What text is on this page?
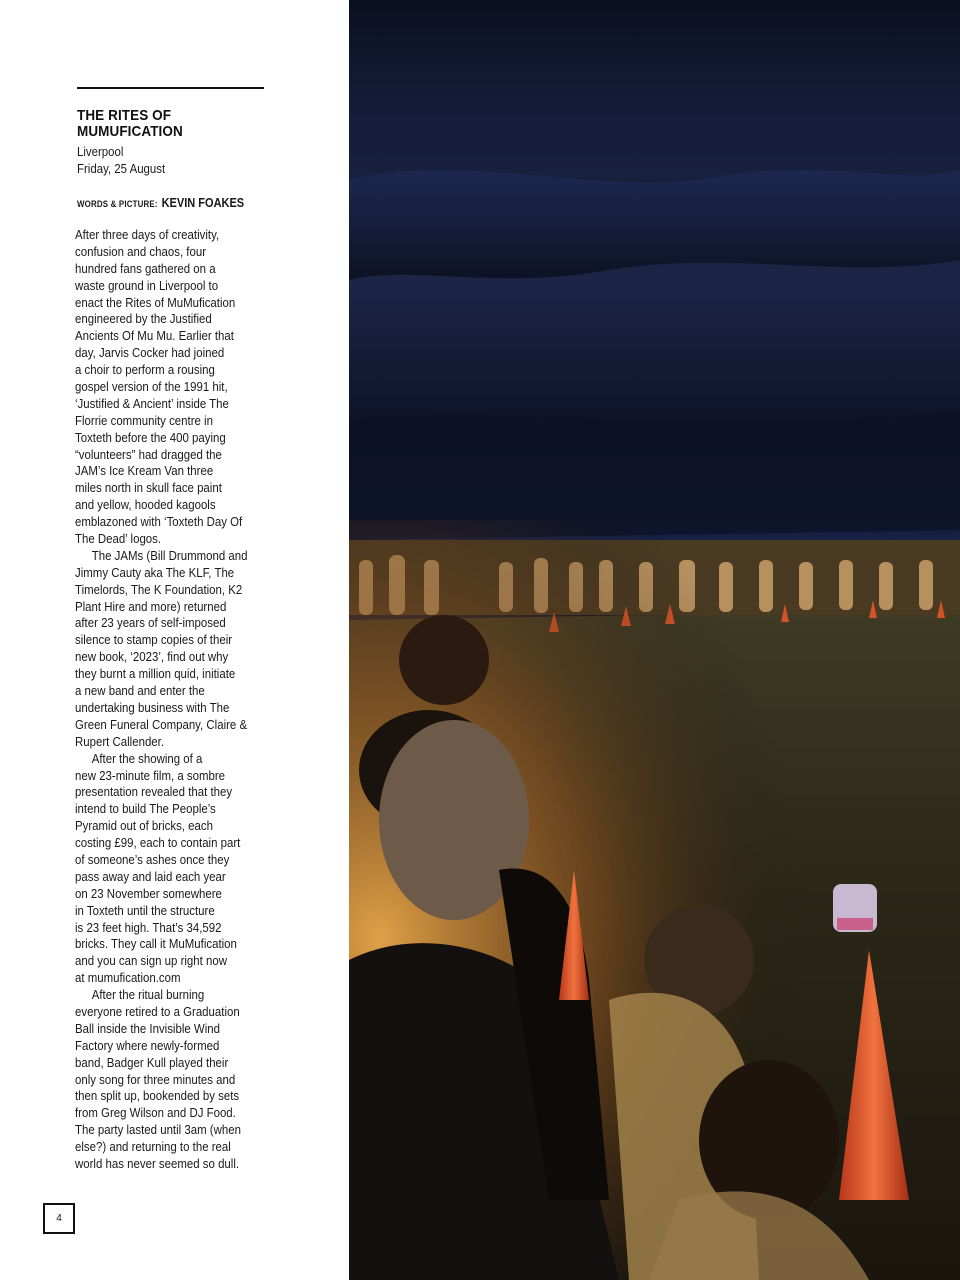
THE RITES OF
MUMUFICATION
Liverpool
Friday, 25 August
WORDS & PICTURE: KEVIN FOAKES
After three days of creativity,
confusion and chaos, four
hundred fans gathered on a
waste ground in Liverpool to
enact the Rites of MuMufication
engineered by the Justified
Ancients Of Mu Mu. Earlier that
day, Jarvis Cocker had joined
a choir to perform a rousing
gospel version of the 1991 hit,
‘Justified & Ancient’ inside The
Florrie community centre in
Toxteth before the 400 paying
“volunteers” had dragged the
JAM’s Ice Kream Van three
miles north in skull face paint
and yellow, hooded kagools
emblazoned with ‘Toxteth Day Of
The Dead’ logos.
The JAMs (Bill Drummond and
Jimmy Cauty aka The KLF, The
Timelords, The K Foundation, K2
Plant Hire and more) returned
after 23 years of self-imposed
silence to stamp copies of their
new book, ‘2023’, find out why
they burnt a million quid, initiate
a new band and enter the
undertaking business with The
Green Funeral Company, Claire &
Rupert Callender.
After the showing of a
new 23-minute film, a sombre
presentation revealed that they
intend to build The People’s
Pyramid out of bricks, each
costing £99, each to contain part
of someone’s ashes once they
pass away and laid each year
on 23 November somewhere
in Toxteth until the structure
is 23 feet high. That’s 34,592
bricks. They call it MuMufication
and you can sign up right now
at mumufication.com
After the ritual burning
everyone retired to a Graduation
Ball inside the Invisible Wind
Factory where newly-formed
band, Badger Kull played their
only song for three minutes and
then split up, bookended by sets
from Greg Wilson and DJ Food.
The party lasted until 3am (when
else?) and returning to the real
world has never seemed so dull.
4
